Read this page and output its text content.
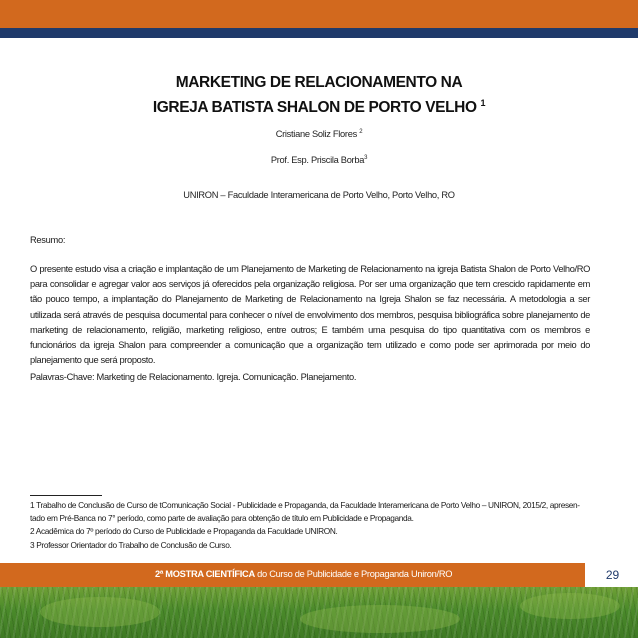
MARKETING DE RELACIONAMENTO NA
IGREJA BATISTA SHALON DE PORTO VELHO $^1$
Cristiane Soliz Flores $^2$
Prof. Esp. Priscila Borba$^3$
UNIRON – Faculdade Interamericana de Porto Velho, Porto Velho, RO
Resumo:
O presente estudo visa a criação e implantação de um Planejamento de Marketing de Relacionamento na igreja Batista Shalon de Porto Velho/RO para consolidar e agregar valor aos serviços já oferecidos pela organização religiosa. Por ser uma organização que tem crescido rapidamente em tão pouco tempo, a implantação do Planejamento de Marketing de Relacionamento na Igreja Shalon se faz necessária. A metodologia a ser utilizada será através de pesquisa documental para conhecer o nível de envolvimento dos membros, pesquisa bibliográfica sobre planejamento de marketing de relacionamento, religião, marketing religioso, entre outros; E também uma pesquisa do tipo quantitativa com os membros e funcionários da igreja Shalon para compreender a comunicação que a organização tem utilizado e como pode ser aprimorada por meio do planejamento que será proposto.
Palavras-Chave: Marketing de Relacionamento. Igreja. Comunicação. Planejamento.
1 Trabalho de Conclusão de Curso de tComunicação Social - Publicidade e Propaganda, da Faculdade Interamericana de Porto Velho – UNIRON, 2015/2, apresen-
tado em Pré-Banca no 7° período, como parte de avaliação para obtenção de título em Publicidade e Propaganda.
2 Acadêmica do 7º período do Curso de Publicidade e Propaganda da Faculdade UNIRON.
3 Professor Orientador do Trabalho de Conclusão de Curso.
2ª MOSTRA CIENTÍFICA do Curso de Publicidade e Propaganda Uniron/RO	29
